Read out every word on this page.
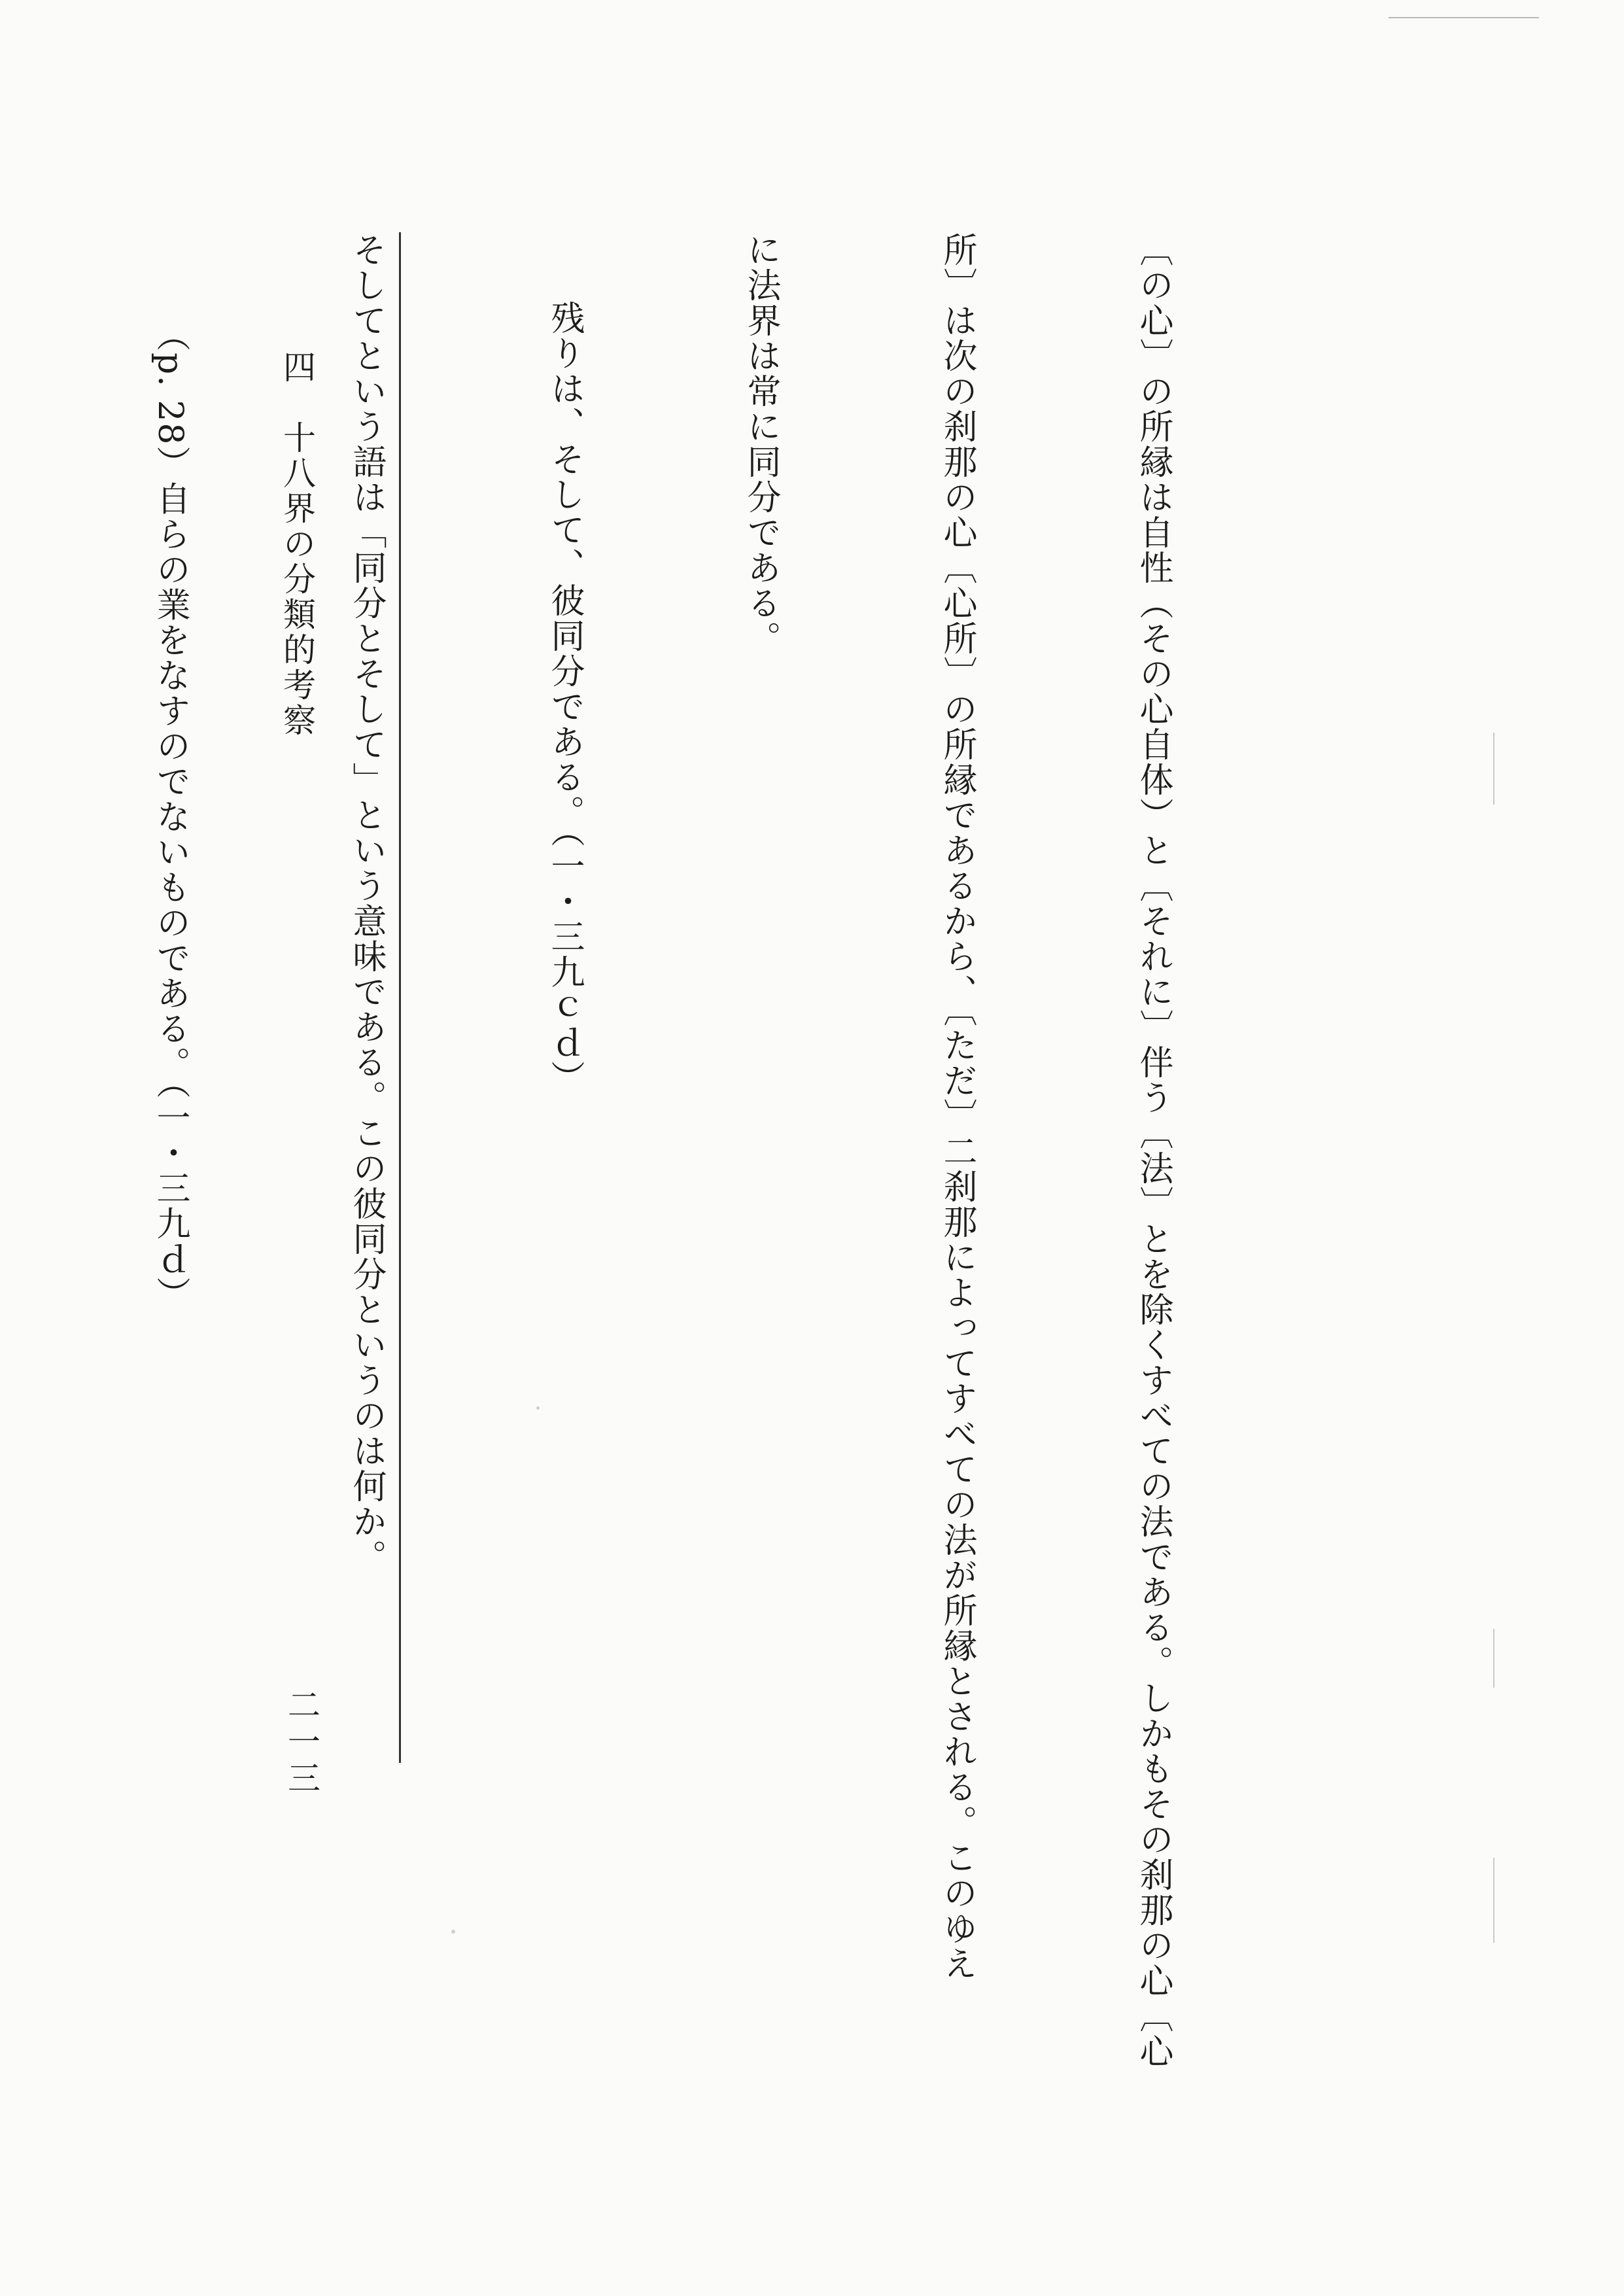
〔の心〕の所縁は自性（その心自体）と〔それに〕伴う〔法〕とを除くすべての法である。しかもその刹那の心〔心

所〕は次の刹那の心〔心所〕の所縁であるから、〔ただ〕二刹那によってすべての法が所縁とされる。このゆえ

に法界は常に同分である。

残りは、そして、彼同分である。（一・三九ｃｄ）

そしてという語は「同分とそして」という意味である。この彼同分というのは何か。

（p. 28）自らの業をなすのでないものである。（一・三九ｄ）

	四　十八界の分類的考察
二一三
